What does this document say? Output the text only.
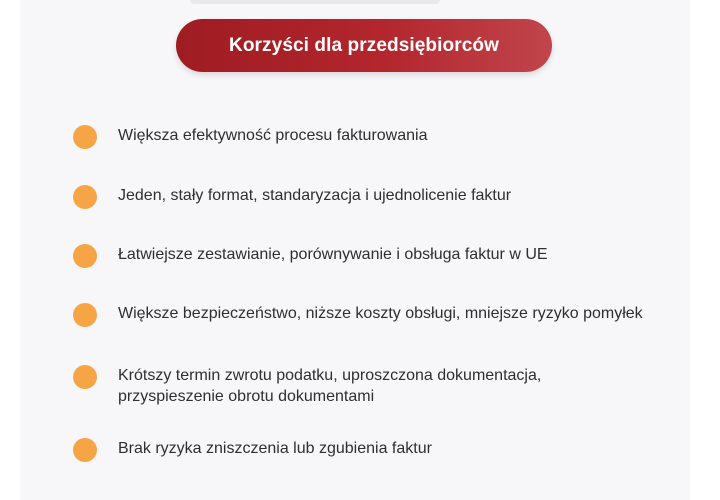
Korzyści dla przedsiębiorców
Większa efektywność procesu fakturowania
Jeden, stały format, standaryzacja i ujednolicenie faktur
Łatwiejsze zestawianie, porównywanie i obsługa faktur w UE
Większe bezpieczeństwo, niższe koszty obsługi, mniejsze ryzyko pomyłek
Krótszy termin zwrotu podatku, uproszczona dokumentacja, przyspieszenie obrotu dokumentami
Brak ryzyka zniszczenia lub zgubienia faktur
